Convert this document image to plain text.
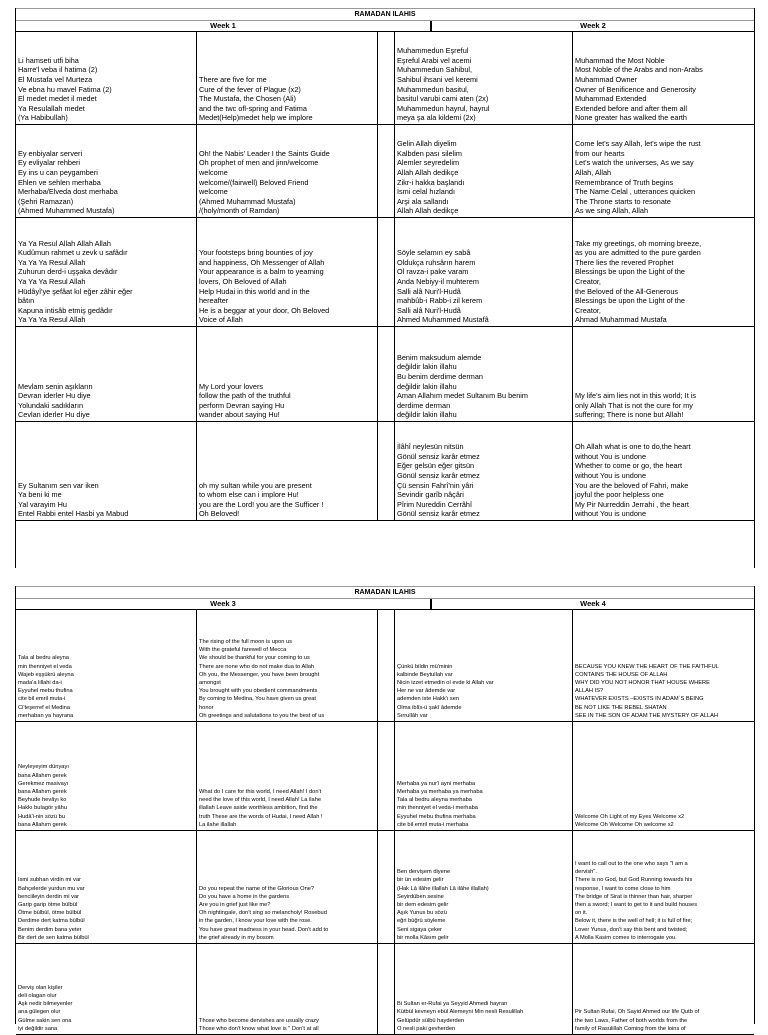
RAMADAN ILAHIS
Week 1	Week 2
Li hamseti utfi biha
Harre'l veba il hatima (2)
El Mustafa vel Murteza
Ve ebna hu mavel Fatima (2)
El medet medet il medet
Ya Resulallah medet
(Ya Habibullah)
There are five for me
Cure of the fever of Plague (x2)
The Mustafa, the Chosen (Ali)
and the twc ofl-spring and Fatima
Medet(Help)medet help we implore
Muhammedun Eşreful
Eşreful Arabi vel acemi
Muhammedun Sahibul,
Sahibul ihsani vel keremi
Muhammedun basitul,
basitul varubi cami aten (2x)
Muhammedun hayrul, hayrul
meya şa ala kildemi (2x)
Muhammad the Most Noble
Most Noble of the Arabs and non-Arabs
Muhammad Owner
Owner of Benificence and Generosity
Muhammad Extended
Extended before and after them all
None greater has walked the earth
Ey enbiyalar serveri
Ey evliyalar rehberi
Ey ins u can peygamberi
Ehlen ve sehlen merhaba
Merhaba/Elveda dost merhaba
(Şehri Ramazan)
(Ahmed Muhammed Mustafa)
Oh! the Nabis' Leader I the Saints Guide
Oh prophet of men and jinn/welcome
welcome
welcome/(fairwell) Beloved Friend
welcome
(Ahmed Muhammad Mustafa)
/(holy/month of Ramdan)
Gelin Allah diyelim
Kalbden pası silelim
Alemler seyredelim
Allah Allah dedikçe
Zikr-i hakka başlandı
İsmi celal hızlandı
Arşi ala sallandı
Allah Allah dedikçe
Come let's say Allah, let's wipe the rust
from our hearts
Let's watch the universes, As we say
Allah, Allah
Remembrance of Truth begins
The Name Celal , utterances quicken
The Throne starts to resonate
As we sing Allah, Allah
Ya Ya Resul Allah Allah Allah
Kudûmun rahmet u zevk u safâdır
Ya Ya Ya Resul Allah
Zuhurun derd-i uşşaka devâdır
Ya Ya Ya Resul Allah
Hüdâyî'ye şefâat kıl eğer zâhir eğer
bâtın
Kapuna intisâb etmiş gedâdır
Ya Ya Ya Resul Allah
Your footsteps bring bounties of joy
and happiness, Oh Messenger of Allah
Your appearance is a balm to yearning
lovers, Oh Beloved of Allah
Help Hudai in this world and in the
hereafter
He is a beggar at your door, Oh Beloved
Voice of Allah
Söyle selamın ey sabâ
Oldukça ruhsârın harem
Ol ravza-i pake varam
Anda Nebiyy-il muhterem
Salli alâ Nuri'l-Hudâ
mahbûb-i Rabb-i zil kerem
Salli alâ Nuri'l-Hudâ
Ahmed Muhammed Mustafâ
Take my greetings, oh morning breeze,
as you are admitted to the pure garden
There lies the revered Prophet
Blessings be upon the Light of the
Creator,
the Beloved of the All-Generous
Blessings be upon the Light of the
Creator,
Ahmad Muhammad Mustafa
Mevlam senin aşıkların
Devran iderler Hu diye
Yolundaki sadıkların
Cevlan iderler Hu diye
My Lord your lovers
follow the path of the truthful
perform Devran saying Hu
wander about saying Hu!
Benim maksudum alemde
değildir lakin illahu
Bu benim derdime derman
değildir lakin illahu
Aman Allahım medet Sultanım Bu benim
derdime derman
değildir lakin illahu
My life's aim lies not in this world; It is
only Allah That is not the cure for my
suffering; There is none but Allah!
Ey Sultanım sen var iken
Ya beni ki me
Yal varayim Hu
Entel Rabbi entel Hasbi ya Mabud
oh my sultan while you are present
to whom else can i implore Hu!
you are the Lord! you are the Sufficer !
Oh Beloved!
İlâhî neylesün nitsün
Gönül sensiz karâr etmez
Eğer gelsün eğer gitsün
Gönül sensiz karâr etmez
Çü sensin Fahrî'nin yâri
Sevindir garîb nâçâri
Pîrim Nureddin Cerrâhî
Gönül sensiz karâr etmez
Oh Allah what is one to do,the heart
without You is undone
Whether to come or go, the heart
without You is undone
You are the beloved of Fahri, make
joyful the poor helpless one
My Pir Nurreddin Jerrahi , the heart
without You is undone
RAMADAN ILAHIS
Week 3	Week 4
Tala al bedru aleyna
min thenniyet el veda
Wajeb eşşükrü aleyna
mada'a lillahi da-i
Eyyuhel mebu thufina
cite bil emril muta-i
Ci'teşerref el Medina
merhaban ya hayrana
The rising of the full moon is upon us
With the grateful farewell of Mecca
We should be thankful for your coming to us
There are none who do not make dua to Allah
Oh you, the Messenger, you have been brought
amongst
You brought with you obedient commandments
By coming to Medina, You have given us great
honor
Oh greetings and salutations to you the best of us
Çünkü bildin mü'minin
kalbinde Beytullah var
Nicin izzet etmedin ol evde ki Allah var
Her ne var âdemde var
ademden iste Hakk'ı sen
Olma iblîs-ü şakî âdemde
Sırrullâh var
BECAUSE YOU KNEW THE HEART OF THE FAITHFUL
CONTAINS THE HOUSE OF ALLAH
WHY DID YOU NOT HONOR THAT HOUSE WHERE
ALLAH IS?
WHATEVER EXISTS –EXISTS IN ADAM`S BEING
BE NOT LIKE THE REBEL SHATAN
SEE IN THE SON OF ADAM THE MYSTERY OF ALLAH
Neyleyeyim dünyayı
bana Allahım gerek
Gerekmez masivayı
bana Allahım gerek
Beyhude hevâyı ko
Hakkı bulagör yâhu
Hudâ'i-nin sözü bu
bana Allahım gerek
What do I care for this world, I need Allah! I don't
need the love of this world, I need Allah! La ilahe
illallah Leave aside worthless ambition, find the
truth These are the words of Hudai, I need Allah !
La ilahe illallah
Merhaba ya nur'i ayni merhaba
Merhaba ya merhaba ya merhaba
Tala al bedru aleyna merhaba
min thenniyet el veda-i merhaba
Eyyuhel mebu thufina merhaba
cite bil emril muta-i merhaba
Welcome Oh Light of my Eyes Welcome x2
Welcome Oh Welcome Oh welcome x2
Ismi subhan virdin mi var
Bahçelerde yurdun mu var
benciileyin derdin mi var
Garip garip ötme bülbül
Ötme bülbül, ötme bülbül
Derdime dert katma bülbül
Benim derdim bana yeter
Bir dert de sen katma bülbül
Do you repeat the name of the Glorious One?
Do you have a home in the gardens
Are you in grief just like me?
Oh nightingale, don't sing so melancholy! Rosebud
in the garden, I know your love with the rose.
You have great madness in your head. Don't add to
the grief already in my bosom
Ben dervişem diyene
bir ün edesim gelir
(Hak Lâ ilâhe illallah Lâ ilâhe illallah)
Seyirdüben sesine
bir dem edesim gelir
Aşık Yunus bu sözü
eğri büğrü söyleme
Seni sigaya çeker
bir molla Kâsım gelir
I want to call out to the one who says "I am a
dervish".
There is no God, but God Running towards his
response, I want to come close to him
The bridge of Sirat is thinner than hair, sharper
then a sword; I want to get to it and build houses
on it.
Below it, there is the well of hell; it is full of fire;
Lover Yunus, don't say this bent and twisted;
A Molla Kasim comes to interrogate you.
Derviş olan kişiler
deli olagan olur
Aşk nedir bilmeyenler
ana gülegen olur
Gülme sakin sen ona
iyi değildir sana
Those who become dervishes are usually crazy
Those who don't know what love is " Don't at all
Bi Sultan er-Rufai ya Seyyid Ahmedi hayran
Kütbül kevneyn ebül Alemeyni Min nesli Resulillah
Gelüpdür sülbü hayderden
O nesli paki gevherden
Pir Sultan Rufai, Oh Sayid Ahmed our life Qutb of
the two Laws, Father of both worlds from the
family of Rasulillah Coming from the loins of
